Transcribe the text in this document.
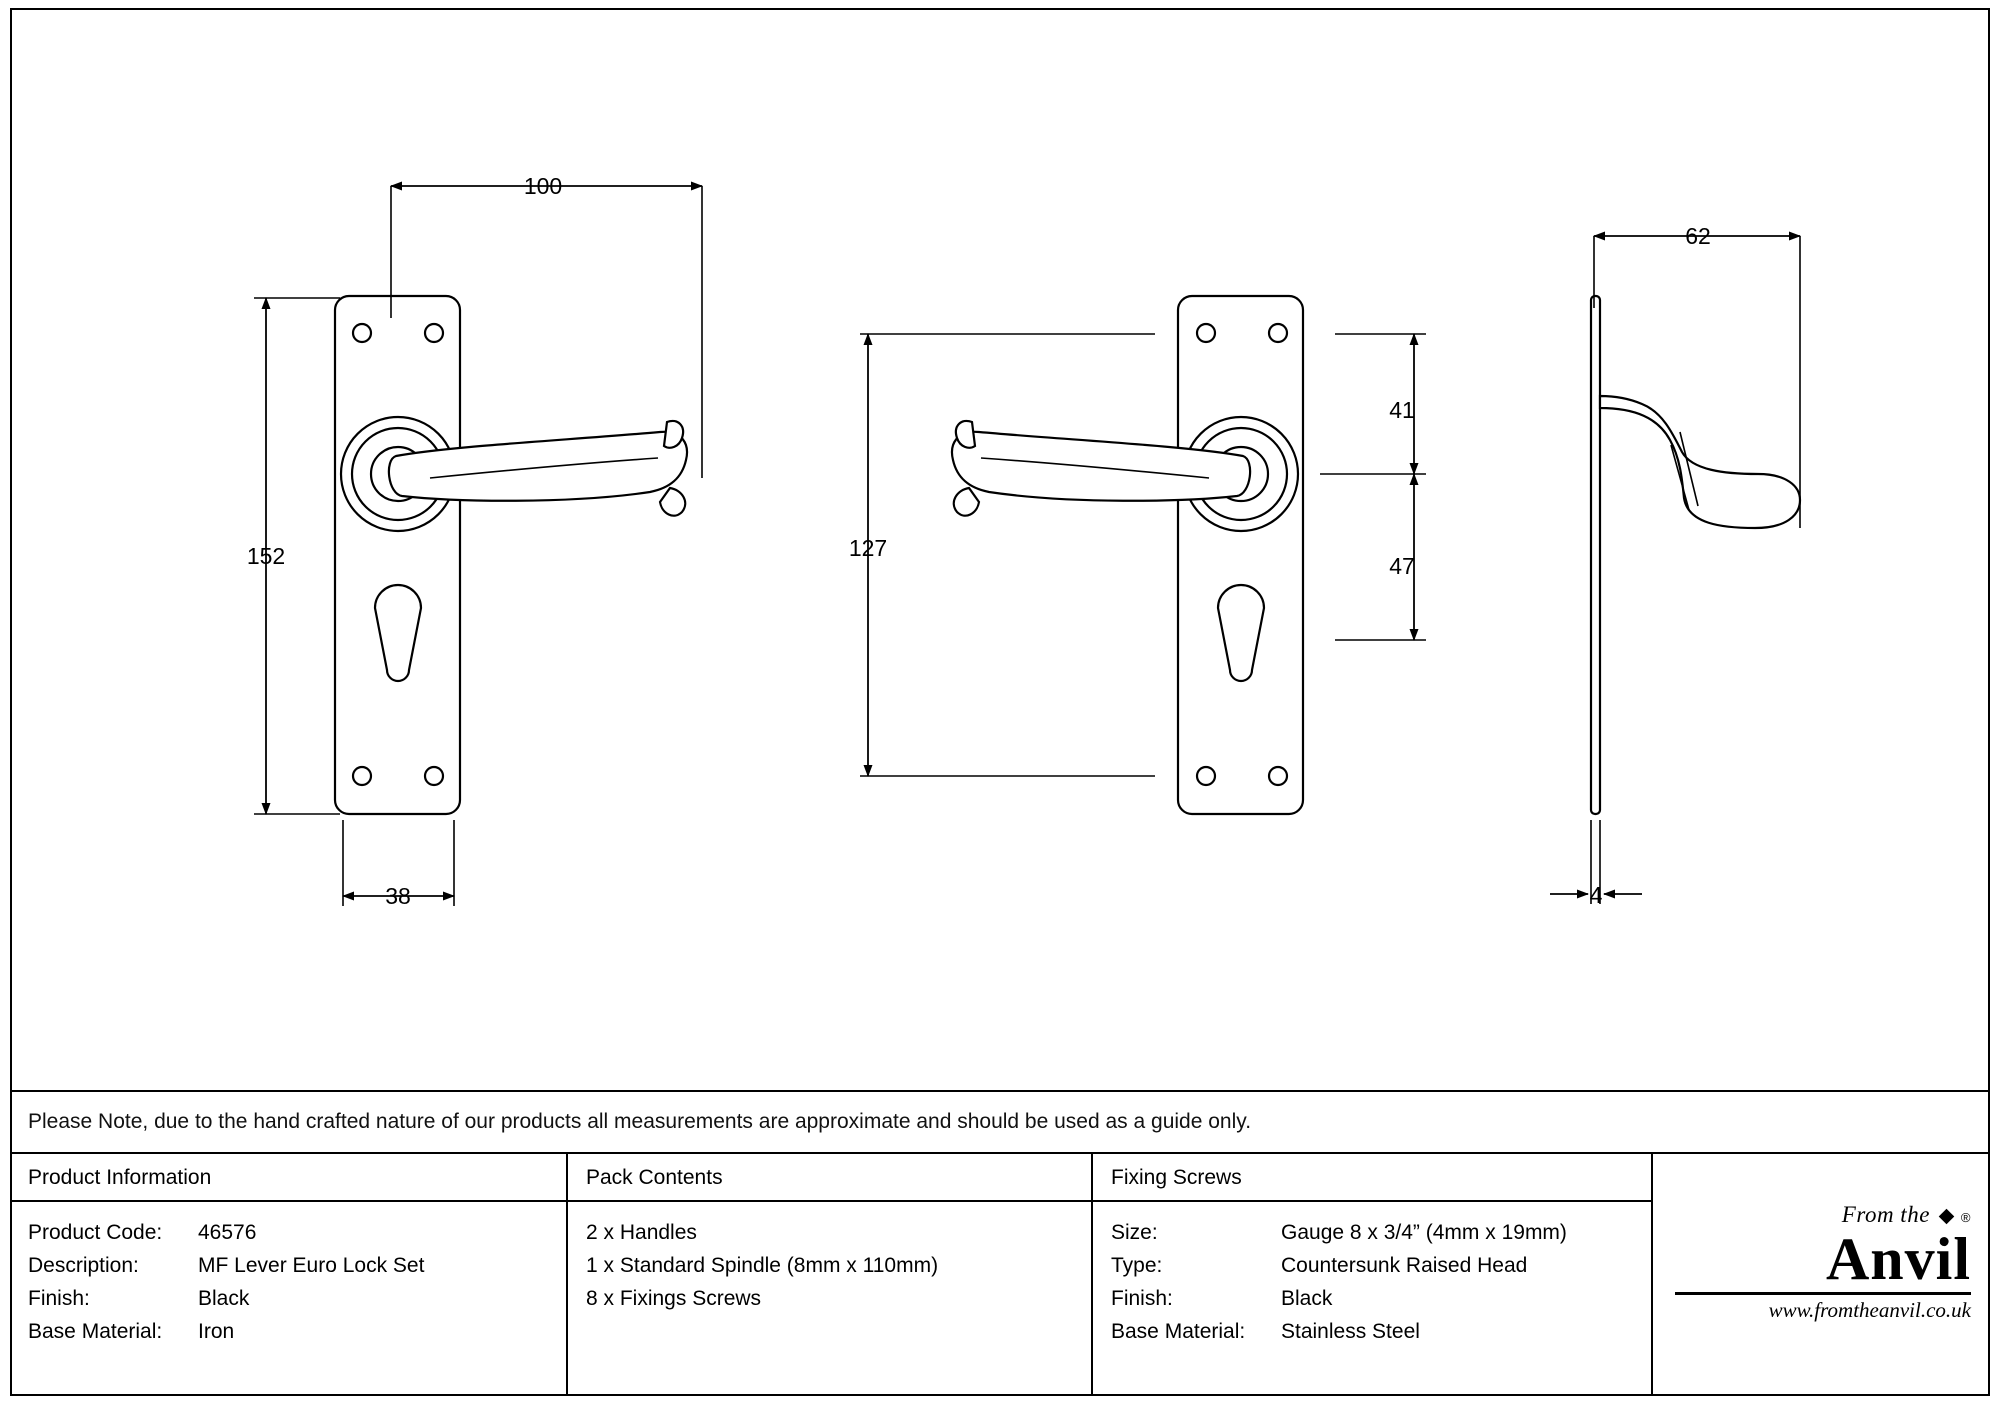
100
152
38
127
41
47
62
4
Please Note, due to the hand crafted nature of our products all measurements are approximate and should be used as a guide only.
Product Information
Product Code:	46576
Description:	MF Lever Euro Lock Set
Finish:	Black
Base Material:	Iron
Pack Contents
2 x Handles
1 x Standard Spindle (8mm x 110mm)
8 x Fixings Screws
Fixing Screws
Size:	Gauge 8 x 3/4” (4mm x 19mm)
Type:	Countersunk Raised Head
Finish:	Black
Base Material:	Stainless Steel
From the ®
Anvil
www.fromtheanvil.co.uk
